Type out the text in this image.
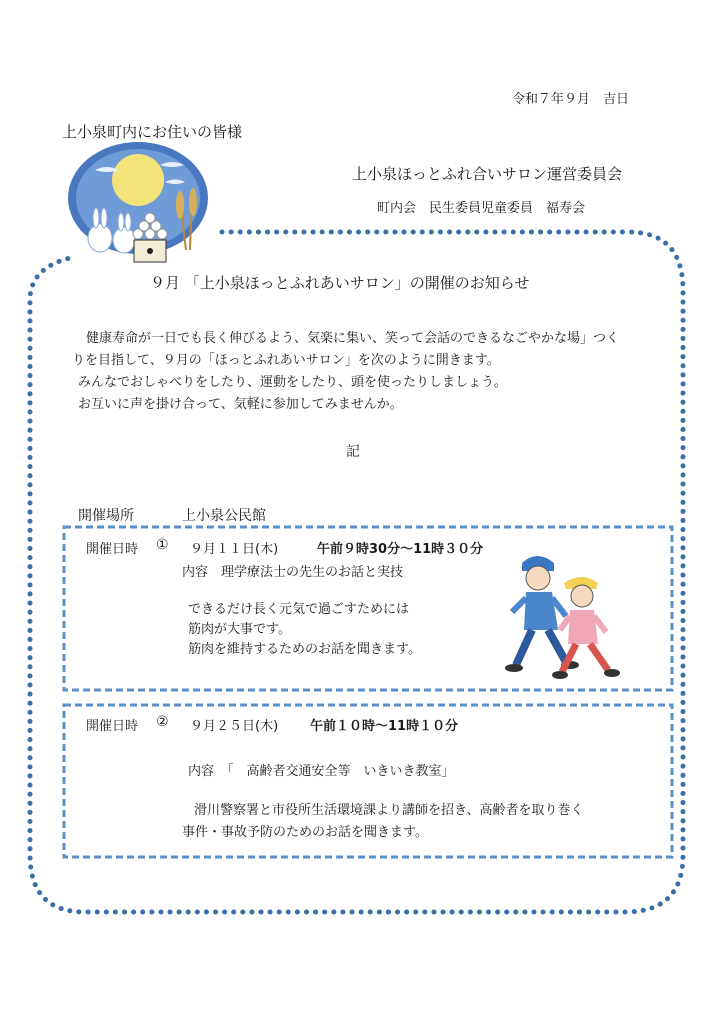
令和７年９月　吉日
上小泉町内にお住いの皆様
上小泉ほっとふれ合いサロン運営委員会
町内会　民生委員児童委員　福寿会
９月 「上小泉ほっとふれあいサロン」の開催のお知らせ

健康寿命が一日でも長く伸びるよう、気楽に集い、笑って会話のできるなごやかな場」つく

りを目指して、９月の「ほっとふれあいサロン」を次のように開きます。

みんなでおしゃべりをしたり、運動をしたり、頭を使ったりしましょう。

お互いに声を掛け合って、気軽に参加してみませんか。

記
開催場所	上小泉公民館
開催日時 ① ９月１１日(木)	午前９時30分～11時３０分
内容　理学療法士の先生のお話と実技

できるだけ長く元気で過ごすためには

筋肉が大事です。

筋肉を維持するためのお話を聞きます。

開催日時 ② ９月２５日(木) 午前１０時～11時１０分
内容　「　高齢者交通安全等　いきいき教室」

滑川警察署と市役所生活環境課より講師を招き、高齢者を取り巻く

事件・事故予防のためのお話を聞きます。
